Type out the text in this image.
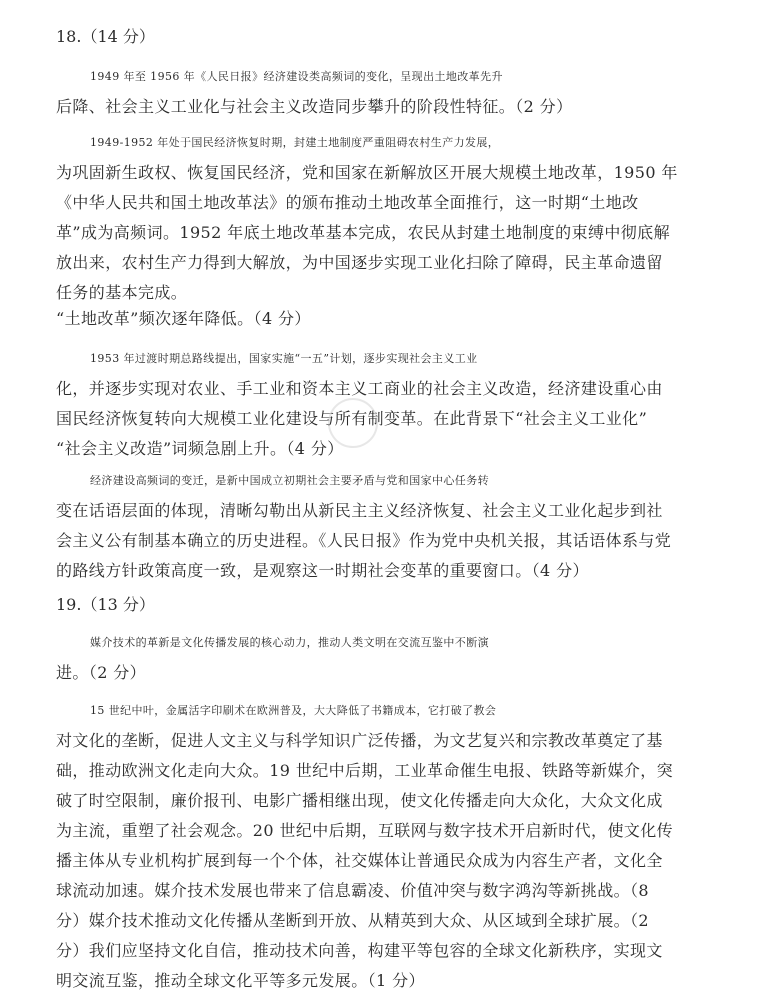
18.（14 分）

1949 年至 1956 年《人民日报》经济建设类高频词的变化，呈现出土地改革先升
后降、社会主义工业化与社会主义改造同步攀升的阶段性特征。（2 分）

1949-1952 年处于国民经济恢复时期，封建土地制度严重阻碍农村生产力发展，
为巩固新生政权、恢复国民经济，党和国家在新解放区开展大规模土地改革，1950 年
《中华人民共和国土地改革法》的颁布推动土地改革全面推行，这一时期“土地改
革”成为高频词。1952 年底土地改革基本完成，农民从封建土地制度的束缚中彻底解
放出来，农村生产力得到大解放，为中国逐步实现工业化扫除了障碍，民主革命遗留
任务的基本完成。

“土地改革”频次逐年降低。（4 分）

1953 年过渡时期总路线提出，国家实施“一五”计划，逐步实现社会主义工业
化，并逐步实现对农业、手工业和资本主义工商业的社会主义改造，经济建设重心由
国民经济恢复转向大规模工业化建设与所有制变革。在此背景下“社会主义工业化”
“社会主义改造”词频急剧上升。（4 分）

经济建设高频词的变迁，是新中国成立初期社会主要矛盾与党和国家中心任务转
变在话语层面的体现，清晰勾勒出从新民主主义经济恢复、社会主义工业化起步到社
会主义公有制基本确立的历史进程。《人民日报》作为党中央机关报，其话语体系与党
的路线方针政策高度一致，是观察这一时期社会变革的重要窗口。（4 分）

19.（13 分）

媒介技术的革新是文化传播发展的核心动力，推动人类文明在交流互鉴中不断演
进。（2 分）

15 世纪中叶，金属活字印刷术在欧洲普及，大大降低了书籍成本，它打破了教会
对文化的垄断，促进人文主义与科学知识广泛传播，为文艺复兴和宗教改革奠定了基
础，推动欧洲文化走向大众。19 世纪中后期，工业革命催生电报、铁路等新媒介，突
破了时空限制，廉价报刊、电影广播相继出现，使文化传播走向大众化，大众文化成
为主流，重塑了社会观念。20 世纪中后期，互联网与数字技术开启新时代，使文化传
播主体从专业机构扩展到每一个个体，社交媒体让普通民众成为内容生产者，文化全
球流动加速。媒介技术发展也带来了信息霸凌、价值冲突与数字鸿沟等新挑战。（8
分）媒介技术推动文化传播从垄断到开放、从精英到大众、从区域到全球扩展。（2
分）我们应坚持文化自信，推动技术向善，构建平等包容的全球文化新秩序，实现文
明交流互鉴，推动全球文化平等多元发展。（1 分）
